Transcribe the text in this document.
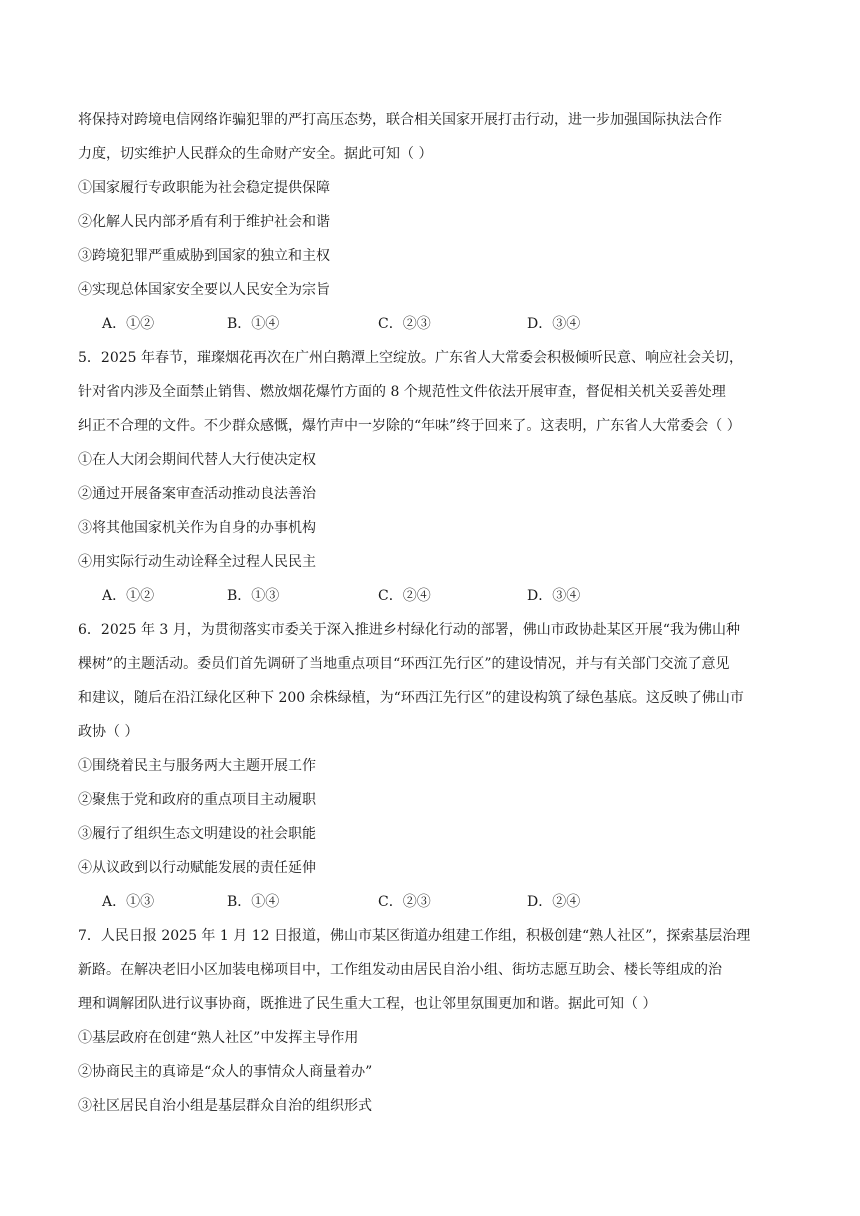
将保持对跨境电信网络诈骗犯罪的严打高压态势，联合相关国家开展打击行动，进一步加强国际执法合作
力度，切实维护人民群众的生命财产安全。据此可知（ ）
①国家履行专政职能为社会稳定提供保障
②化解人民内部矛盾有利于维护社会和谐
③跨境犯罪严重威胁到国家的独立和主权
④实现总体国家安全要以人民安全为宗旨
A．①②	B．①④	C．②③	D．③④
5．2025 年春节，璀璨烟花再次在广州白鹅潭上空绽放。广东省人大常委会积极倾听民意、响应社会关切，
针对省内涉及全面禁止销售、燃放烟花爆竹方面的 8 个规范性文件依法开展审查，督促相关机关妥善处理
纠正不合理的文件。不少群众感慨，爆竹声中一岁除的“年味”终于回来了。这表明，广东省人大常委会（ ）
①在人大闭会期间代替人大行使决定权
②通过开展备案审查活动推动良法善治
③将其他国家机关作为自身的办事机构
④用实际行动生动诠释全过程人民民主
A．①②	B．①③	C．②④	D．③④
6．2025 年 3 月，为贯彻落实市委关于深入推进乡村绿化行动的部署，佛山市政协赴某区开展“我为佛山种
棵树”的主题活动。委员们首先调研了当地重点项目“环西江先行区”的建设情况，并与有关部门交流了意见
和建议，随后在沿江绿化区种下 200 余株绿植，为“环西江先行区”的建设构筑了绿色基底。这反映了佛山市
政协（ ）
①围绕着民主与服务两大主题开展工作
②聚焦于党和政府的重点项目主动履职
③履行了组织生态文明建设的社会职能
④从议政到以行动赋能发展的责任延伸
A．①③	B．①④	C．②③	D．②④
7．人民日报 2025 年 1 月 12 日报道，佛山市某区街道办组建工作组，积极创建“熟人社区”，探索基层治理
新路。在解决老旧小区加装电梯项目中，工作组发动由居民自治小组、街坊志愿互助会、楼长等组成的治
理和调解团队进行议事协商，既推进了民生重大工程，也让邻里氛围更加和谐。据此可知（ ）
①基层政府在创建“熟人社区”中发挥主导作用
②协商民主的真谛是“众人的事情众人商量着办”
③社区居民自治小组是基层群众自治的组织形式
